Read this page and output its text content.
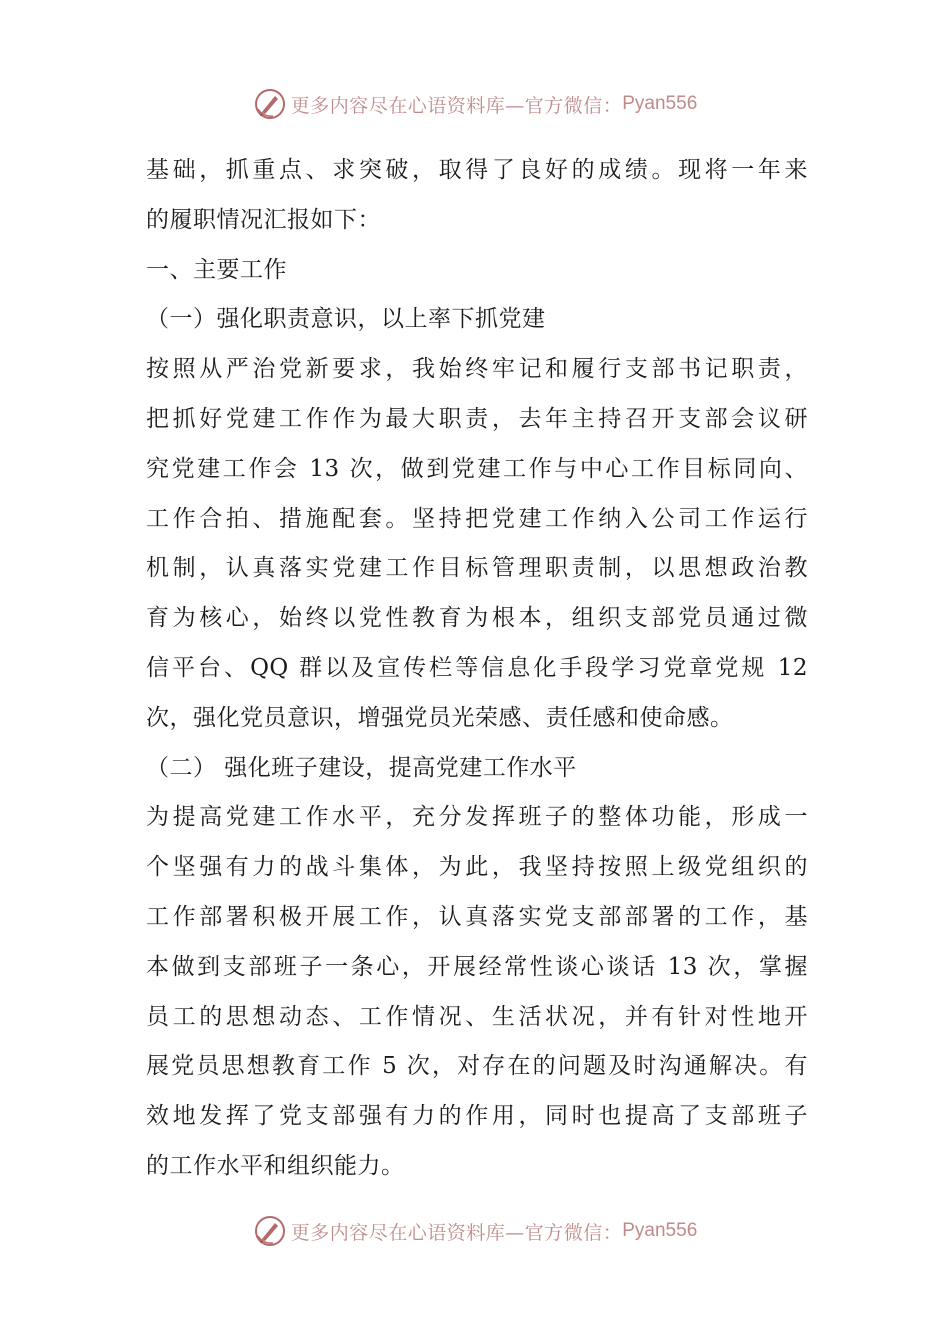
更多内容尽在心语资料库—官方微信： Pyan556
基础，抓重点、求突破，取得了良好的成绩。现将一年来
的履职情况汇报如下：
一、主要工作
（一）强化职责意识，以上率下抓党建
按照从严治党新要求，我始终牢记和履行支部书记职责，
把抓好党建工作作为最大职责，去年主持召开支部会议研
究党建工作会 13 次，做到党建工作与中心工作目标同向、
工作合拍、措施配套。坚持把党建工作纳入公司工作运行
机制，认真落实党建工作目标管理职责制，以思想政治教
育为核心，始终以党性教育为根本，组织支部党员通过微
信平台、QQ 群以及宣传栏等信息化手段学习党章党规 12
次，强化党员意识，增强党员光荣感、责任感和使命感。
（二） 强化班子建设，提高党建工作水平
为提高党建工作水平，充分发挥班子的整体功能，形成一
个坚强有力的战斗集体，为此，我坚持按照上级党组织的
工作部署积极开展工作，认真落实党支部部署的工作，基
本做到支部班子一条心，开展经常性谈心谈话 13 次，掌握
员工的思想动态、工作情况、生活状况，并有针对性地开
展党员思想教育工作 5 次，对存在的问题及时沟通解决。有
效地发挥了党支部强有力的作用，同时也提高了支部班子
的工作水平和组织能力。
更多内容尽在心语资料库—官方微信： Pyan556
